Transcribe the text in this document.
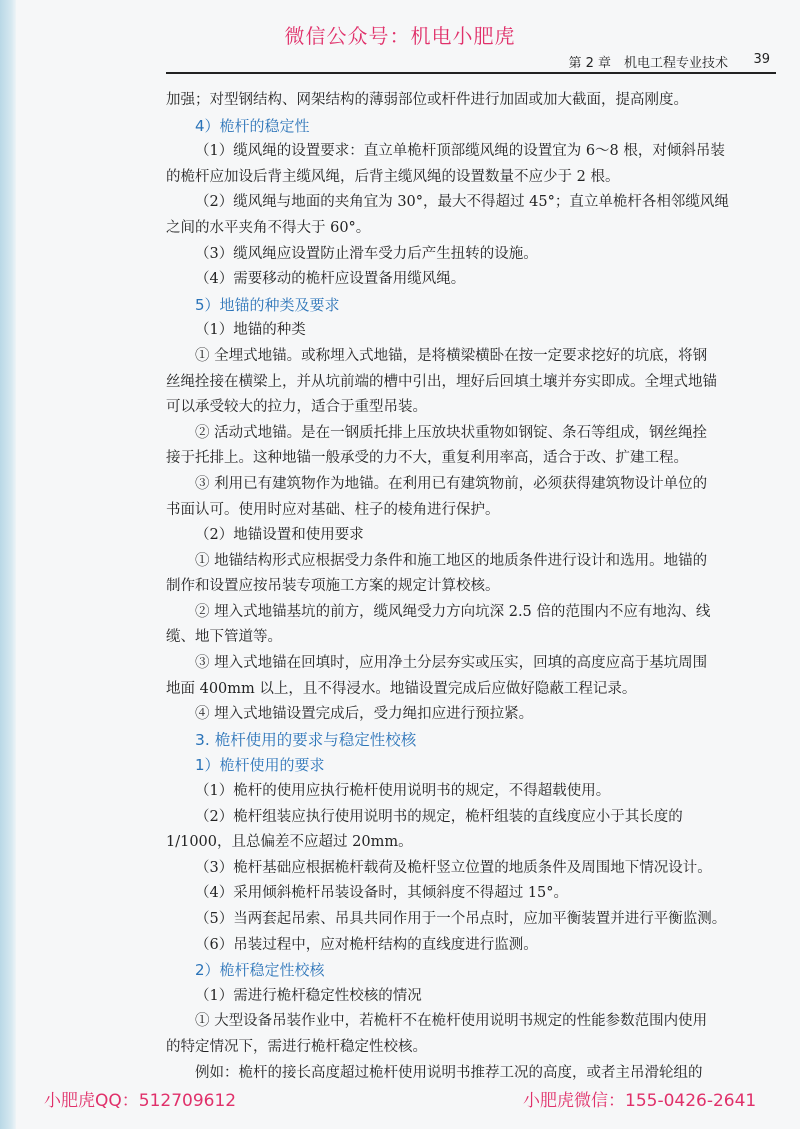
微信公众号：机电小肥虎
第 2 章　机电工程专业技术 39
加强；对型钢结构、网架结构的薄弱部位或杆件进行加固或加大截面，提高刚度。
4）桅杆的稳定性
（1）缆风绳的设置要求：直立单桅杆顶部缆风绳的设置宜为 6～8 根，对倾斜吊装
的桅杆应加设后背主缆风绳，后背主缆风绳的设置数量不应少于 2 根。
（2）缆风绳与地面的夹角宜为 30°，最大不得超过 45°；直立单桅杆各相邻缆风绳
之间的水平夹角不得大于 60°。
（3）缆风绳应设置防止滑车受力后产生扭转的设施。
（4）需要移动的桅杆应设置备用缆风绳。
5）地锚的种类及要求
（1）地锚的种类
① 全埋式地锚。或称埋入式地锚，是将横梁横卧在按一定要求挖好的坑底，将钢
丝绳拴接在横梁上，并从坑前端的槽中引出，埋好后回填土壤并夯实即成。全埋式地锚
可以承受较大的拉力，适合于重型吊装。
② 活动式地锚。是在一钢质托排上压放块状重物如钢锭、条石等组成，钢丝绳拴
接于托排上。这种地锚一般承受的力不大，重复利用率高，适合于改、扩建工程。
③ 利用已有建筑物作为地锚。在利用已有建筑物前，必须获得建筑物设计单位的
书面认可。使用时应对基础、柱子的棱角进行保护。
（2）地锚设置和使用要求
① 地锚结构形式应根据受力条件和施工地区的地质条件进行设计和选用。地锚的
制作和设置应按吊装专项施工方案的规定计算校核。
② 埋入式地锚基坑的前方，缆风绳受力方向坑深 2.5 倍的范围内不应有地沟、线
缆、地下管道等。
③ 埋入式地锚在回填时，应用净土分层夯实或压实，回填的高度应高于基坑周围
地面 400mm 以上，且不得浸水。地锚设置完成后应做好隐蔽工程记录。
④ 埋入式地锚设置完成后，受力绳扣应进行预拉紧。
3. 桅杆使用的要求与稳定性校核
1）桅杆使用的要求
（1）桅杆的使用应执行桅杆使用说明书的规定，不得超载使用。
（2）桅杆组装应执行使用说明书的规定，桅杆组装的直线度应小于其长度的
1/1000，且总偏差不应超过 20mm。
（3）桅杆基础应根据桅杆载荷及桅杆竖立位置的地质条件及周围地下情况设计。
（4）采用倾斜桅杆吊装设备时，其倾斜度不得超过 15°。
（5）当两套起吊索、吊具共同作用于一个吊点时，应加平衡装置并进行平衡监测。
（6）吊装过程中，应对桅杆结构的直线度进行监测。
2）桅杆稳定性校核
（1）需进行桅杆稳定性校核的情况
① 大型设备吊装作业中，若桅杆不在桅杆使用说明书规定的性能参数范围内使用
的特定情况下，需进行桅杆稳定性校核。
例如：桅杆的接长高度超过桅杆使用说明书推荐工况的高度，或者主吊滑轮组的
小肥虎QQ：512709612	小肥虎微信：155-0426-2641
